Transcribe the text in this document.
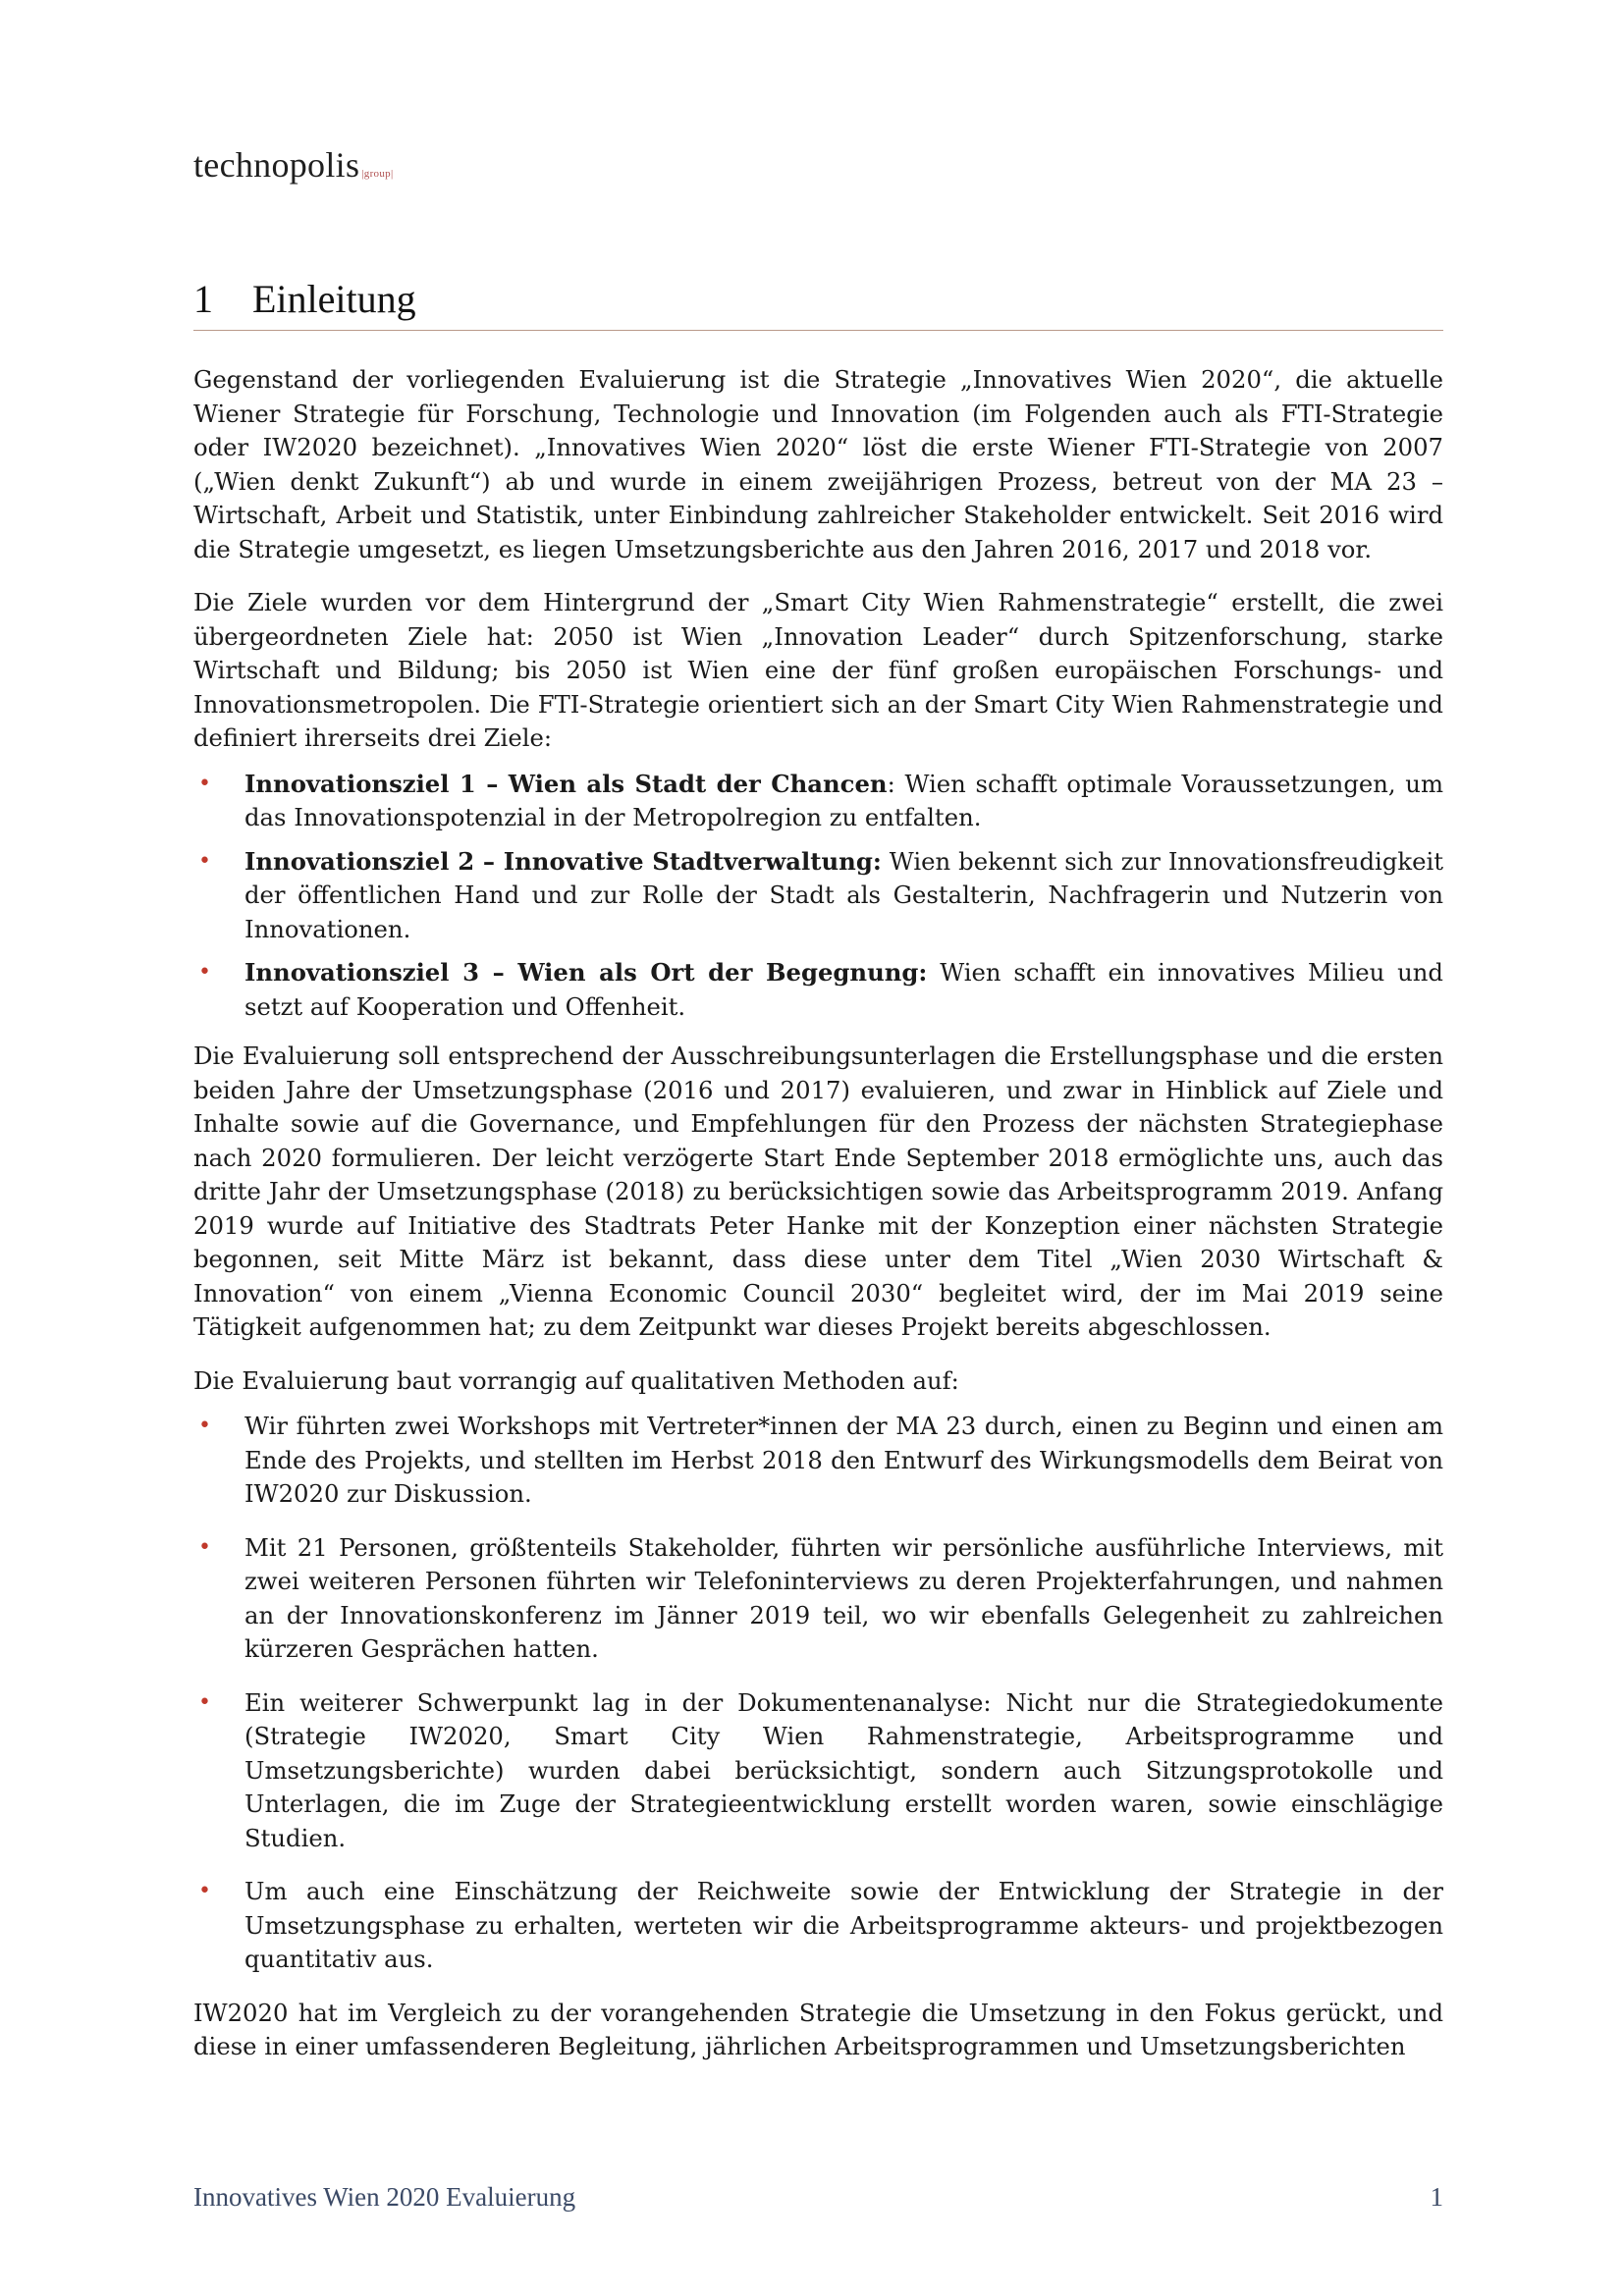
technopolis |group|
1 Einleitung

Gegenstand der vorliegenden Evaluierung ist die Strategie „Innovatives Wien 2020“, die aktuelle Wiener Strategie für Forschung, Technologie und Innovation (im Folgenden auch als FTI-Strategie oder IW2020 bezeichnet). „Innovatives Wien 2020“ löst die erste Wiener FTI-Strategie von 2007 („Wien denkt Zukunft“) ab und wurde in einem zweijährigen Prozess, betreut von der MA 23 – Wirtschaft, Arbeit und Statistik, unter Einbindung zahlreicher Stakeholder entwickelt. Seit 2016 wird die Strategie umgesetzt, es liegen Umsetzungsberichte aus den Jahren 2016, 2017 und 2018 vor.

Die Ziele wurden vor dem Hintergrund der „Smart City Wien Rahmenstrategie“ erstellt, die zwei übergeordneten Ziele hat: 2050 ist Wien „Innovation Leader“ durch Spitzenforschung, starke Wirtschaft und Bildung; bis 2050 ist Wien eine der fünf großen europäischen Forschungs- und Innovationsmetropolen. Die FTI-Strategie orientiert sich an der Smart City Wien Rahmenstrategie und definiert ihrerseits drei Ziele:

• Innovationsziel 1 – Wien als Stadt der Chancen: Wien schafft optimale Voraussetzungen, um das Innovationspotenzial in der Metropolregion zu entfalten.
• Innovationsziel 2 – Innovative Stadtverwaltung: Wien bekennt sich zur Innovationsfreudigkeit der öffentlichen Hand und zur Rolle der Stadt als Gestalterin, Nachfragerin und Nutzerin von Innovationen.
• Innovationsziel 3 – Wien als Ort der Begegnung: Wien schafft ein innovatives Milieu und setzt auf Kooperation und Offenheit.

Die Evaluierung soll entsprechend der Ausschreibungsunterlagen die Erstellungsphase und die ersten beiden Jahre der Umsetzungsphase (2016 und 2017) evaluieren, und zwar in Hinblick auf Ziele und Inhalte sowie auf die Governance, und Empfehlungen für den Prozess der nächsten Strategiephase nach 2020 formulieren. Der leicht verzögerte Start Ende September 2018 ermöglichte uns, auch das dritte Jahr der Umsetzungsphase (2018) zu berücksichtigen sowie das Arbeitsprogramm 2019. Anfang 2019 wurde auf Initiative des Stadtrats Peter Hanke mit der Konzeption einer nächsten Strategie begonnen, seit Mitte März ist bekannt, dass diese unter dem Titel „Wien 2030 Wirtschaft & Innovation“ von einem „Vienna Economic Council 2030“ begleitet wird, der im Mai 2019 seine Tätigkeit aufgenommen hat; zu dem Zeitpunkt war dieses Projekt bereits abgeschlossen.

Die Evaluierung baut vorrangig auf qualitativen Methoden auf:

• Wir führten zwei Workshops mit Vertreter*innen der MA 23 durch, einen zu Beginn und einen am Ende des Projekts, und stellten im Herbst 2018 den Entwurf des Wirkungsmodells dem Beirat von IW2020 zur Diskussion.
• Mit 21 Personen, größtenteils Stakeholder, führten wir persönliche ausführliche Interviews, mit zwei weiteren Personen führten wir Telefoninterviews zu deren Projekterfahrungen, und nahmen an der Innovationskonferenz im Jänner 2019 teil, wo wir ebenfalls Gelegenheit zu zahlreichen kürzeren Gesprächen hatten.
• Ein weiterer Schwerpunkt lag in der Dokumentenanalyse: Nicht nur die Strategiedokumente (Strategie IW2020, Smart City Wien Rahmenstrategie, Arbeitsprogramme und Umsetzungsberichte) wurden dabei berücksichtigt, sondern auch Sitzungsprotokolle und Unterlagen, die im Zuge der Strategieentwicklung erstellt worden waren, sowie einschlägige Studien.
• Um auch eine Einschätzung der Reichweite sowie der Entwicklung der Strategie in der Umsetzungsphase zu erhalten, werteten wir die Arbeitsprogramme akteurs- und projektbezogen quantitativ aus.

IW2020 hat im Vergleich zu der vorangehenden Strategie die Umsetzung in den Fokus gerückt, und diese in einer umfassenderen Begleitung, jährlichen Arbeitsprogrammen und Umsetzungsberichten

Innovatives Wien 2020 Evaluierung	1
